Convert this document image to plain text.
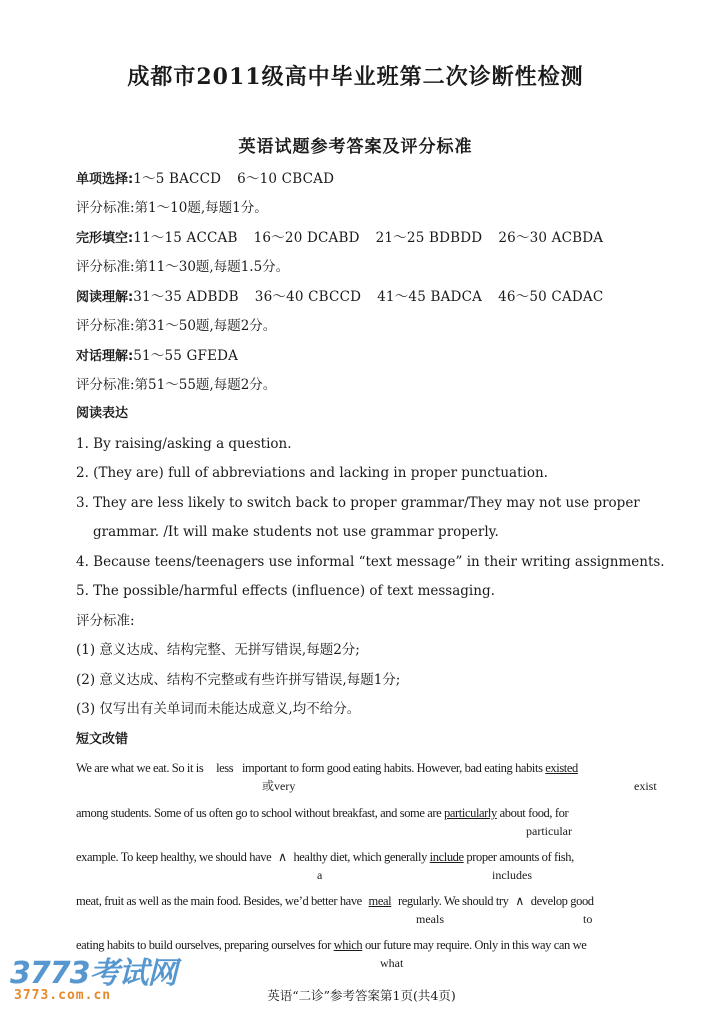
成都市2011级高中毕业班第二次诊断性检测
英语试题参考答案及评分标准
单项选择:1～5 BACCD 6～10 CBCAD
评分标准:第1～10题,每题1分。
完形填空:11～15 ACCAB 16～20 DCABD 21～25 BDBDD 26～30 ACBDA
评分标准:第11～30题,每题1.5分。
阅读理解:31～35 ADBDB 36～40 CBCCD 41～45 BADCA 46～50 CADAC
评分标准:第31～50题,每题2分。
对话理解:51～55 GFEDA
评分标准:第51～55题,每题2分。
阅读表达
1. By raising/asking a question.
2. (They are) full of abbreviations and lacking in proper punctuation.
3. They are less likely to switch back to proper grammar/They may not use proper
grammar. /It will make students not use grammar properly.
4. Because teens/teenagers use informal “text message” in their writing assignments.
5. The possible/harmful effects (influence) of text messaging.
评分标准:
(1) 意义达成、结构完整、无拼写错误,每题2分;
(2) 意义达成、结构不完整或有些许拼写错误,每题1分;
(3) 仅写出有关单词而未能达成意义,均不给分。
短文改错
We are what we eat. So it is less important to form good eating habits. However, bad eating habits existed
或very	exist
among students. Some of us often go to school without breakfast, and some are particularly about food, for
particular
example. To keep healthy, we should have ∧ healthy diet, which generally include proper amounts of fish,
a	includes
meat, fruit as well as the main food. Besides, we’d better have meal regularly. We should try ∧ develop good
meals	to
eating habits to build ourselves, preparing ourselves for which our future may require. Only in this way can we
what
3773考试网
3773.com.cn	英语“二诊”参考答案第1页(共4页)
